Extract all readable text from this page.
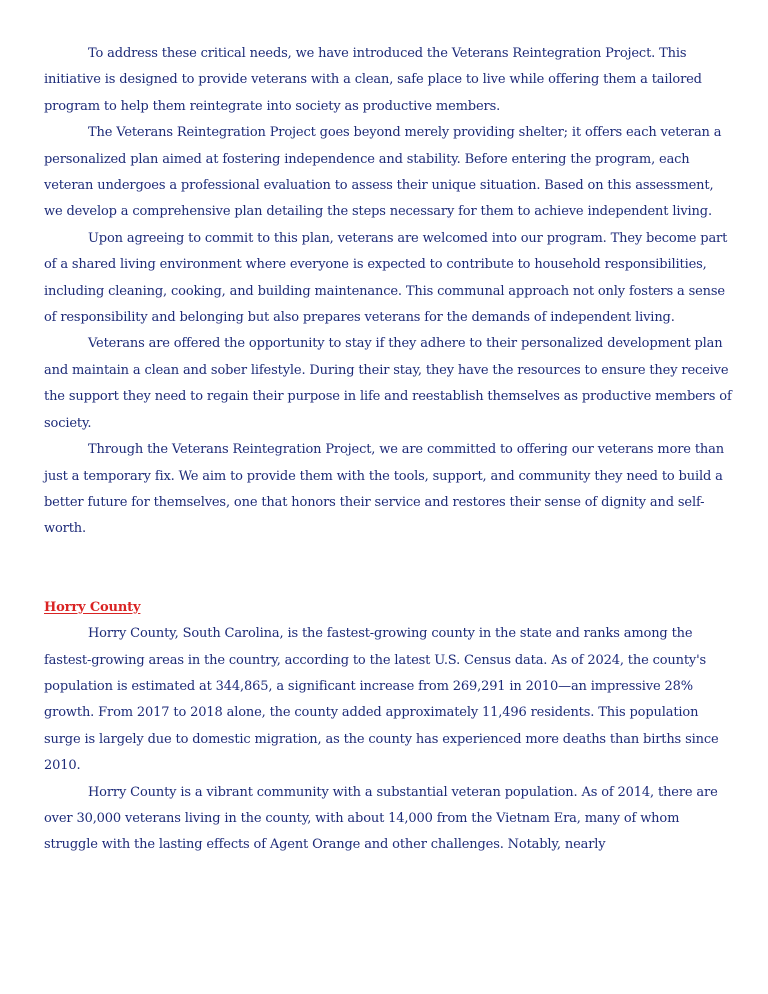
To address these critical needs, we have introduced the Veterans Reintegration Project. This initiative is designed to provide veterans with a clean, safe place to live while offering them a tailored program to help them reintegrate into society as productive members.

The Veterans Reintegration Project goes beyond merely providing shelter; it offers each veteran a personalized plan aimed at fostering independence and stability. Before entering the program, each veteran undergoes a professional evaluation to assess their unique situation. Based on this assessment, we develop a comprehensive plan detailing the steps necessary for them to achieve independent living.

Upon agreeing to commit to this plan, veterans are welcomed into our program. They become part of a shared living environment where everyone is expected to contribute to household responsibilities, including cleaning, cooking, and building maintenance. This communal approach not only fosters a sense of responsibility and belonging but also prepares veterans for the demands of independent living.

Veterans are offered the opportunity to stay if they adhere to their personalized development plan and maintain a clean and sober lifestyle. During their stay, they have the resources to ensure they receive the support they need to regain their purpose in life and reestablish themselves as productive members of society.

Through the Veterans Reintegration Project, we are committed to offering our veterans more than just a temporary fix. We aim to provide them with the tools, support, and community they need to build a better future for themselves, one that honors their service and restores their sense of dignity and self-worth.

Horry County

Horry County, South Carolina, is the fastest-growing county in the state and ranks among the fastest-growing areas in the country, according to the latest U.S. Census data. As of 2024, the county's population is estimated at 344,865, a significant increase from 269,291 in 2010—an impressive 28% growth. From 2017 to 2018 alone, the county added approximately 11,496 residents. This population surge is largely due to domestic migration, as the county has experienced more deaths than births since 2010.

Horry County is a vibrant community with a substantial veteran population. As of 2014, there are over 30,000 veterans living in the county, with about 14,000 from the Vietnam Era, many of whom struggle with the lasting effects of Agent Orange and other challenges. Notably, nearly
